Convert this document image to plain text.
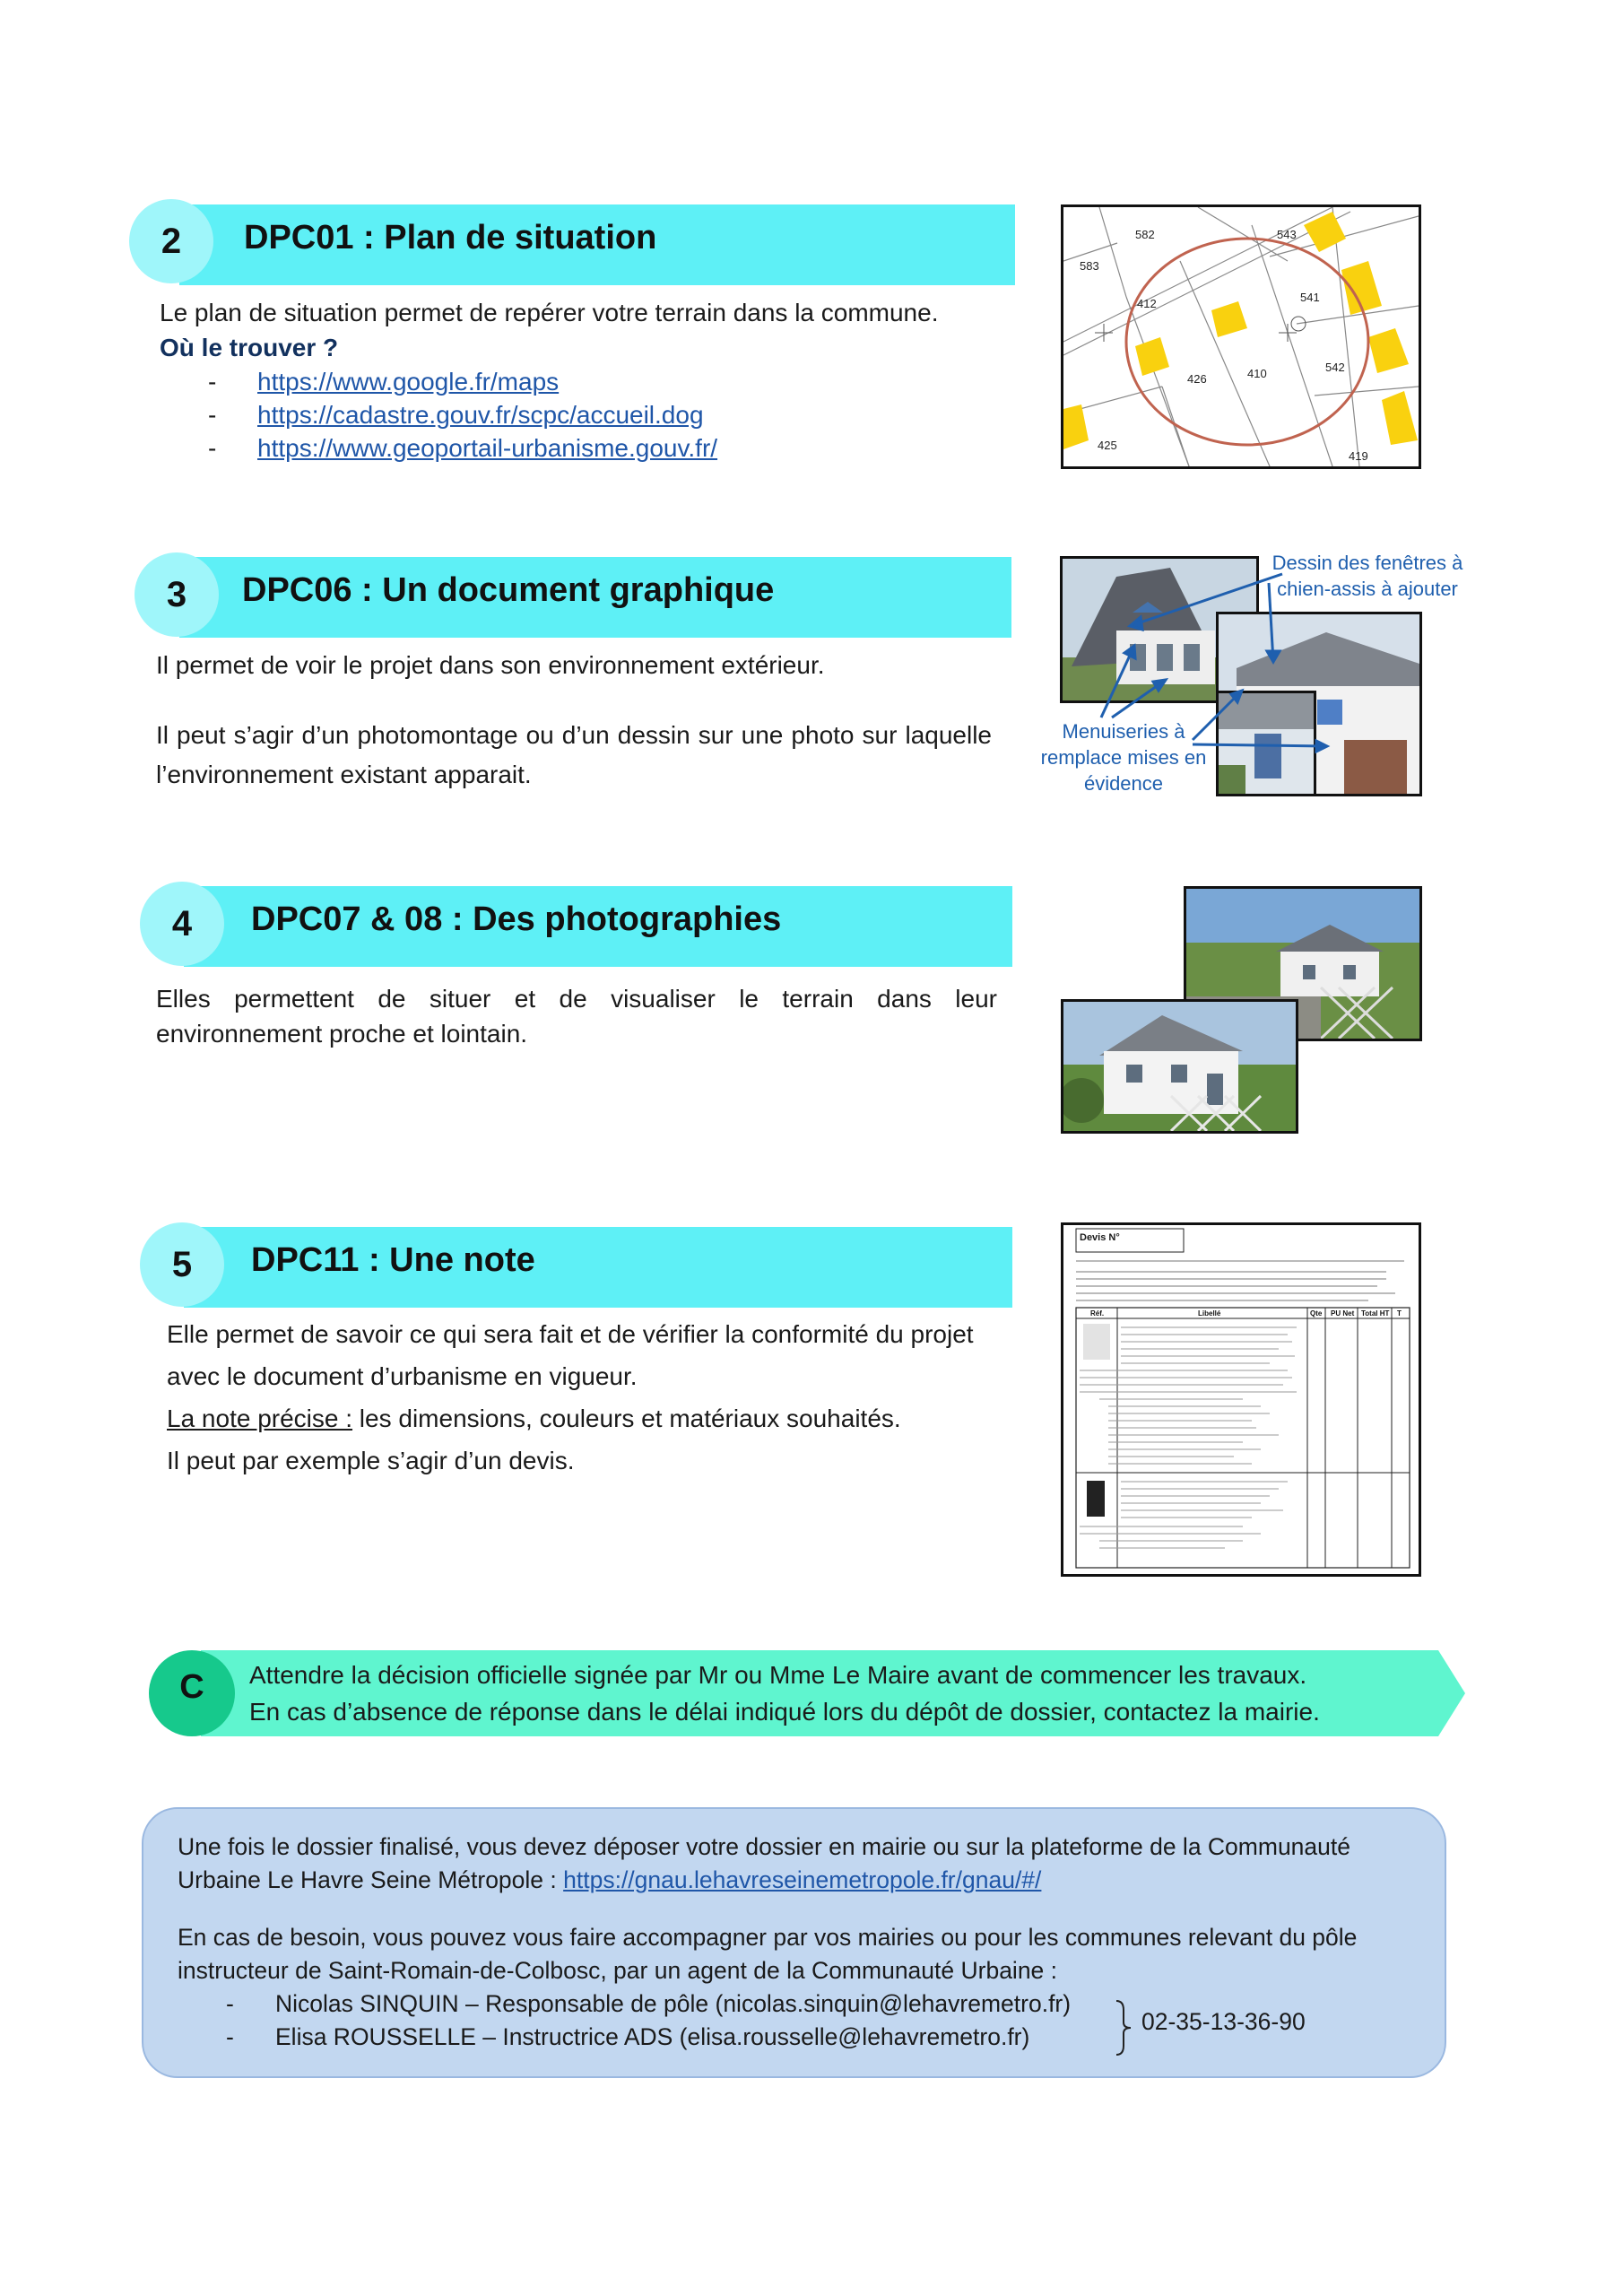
2	DPC01 : Plan de situation
Le plan de situation permet de repérer votre terrain dans la commune.
Où le trouver ?
- https://www.google.fr/maps
- https://cadastre.gouv.fr/scpc/accueil.dog
- https://www.geoportail-urbanisme.gouv.fr/
582	543
583
412	541
426	410	542
425
419
3	DPC06 : Un document graphique
Il permet de voir le projet dans son environnement extérieur.
Il peut s’agir d’un photomontage ou d’un dessin sur une photo sur laquelle l’environnement existant apparait.
Dessin des fenêtres à chien-assis à ajouter
Menuiseries à remplace mises en évidence
4	DPC07 & 08 : Des photographies
Elles permettent de situer et de visualiser le terrain dans leur environnement proche et lointain.
5	DPC11 : Une note
Elle permet de savoir ce qui sera fait et de vérifier la conformité du projet avec le document d’urbanisme en vigueur.
La note précise : les dimensions, couleurs et matériaux souhaités.
Il peut par exemple s’agir d’un devis.
Devis N°
Réf.	Libellé	Qte PU Net Total HT T
C	Attendre la décision officielle signée par Mr ou Mme Le Maire avant de commencer les travaux.
En cas d’absence de réponse dans le délai indiqué lors du dépôt de dossier, contactez la mairie.
Une fois le dossier finalisé, vous devez déposer votre dossier en mairie ou sur la plateforme de la Communauté Urbaine Le Havre Seine Métropole : https://gnau.lehavreseinemetropole.fr/gnau/#/
En cas de besoin, vous pouvez vous faire accompagner par vos mairies ou pour les communes relevant du pôle instructeur de Saint-Romain-de-Colbosc, par un agent de la Communauté Urbaine :
- Nicolas SINQUIN – Responsable de pôle (nicolas.sinquin@lehavremetro.fr)
- Elisa ROUSSELLE – Instructrice ADS (elisa.rousselle@lehavremetro.fr)
02-35-13-36-90
